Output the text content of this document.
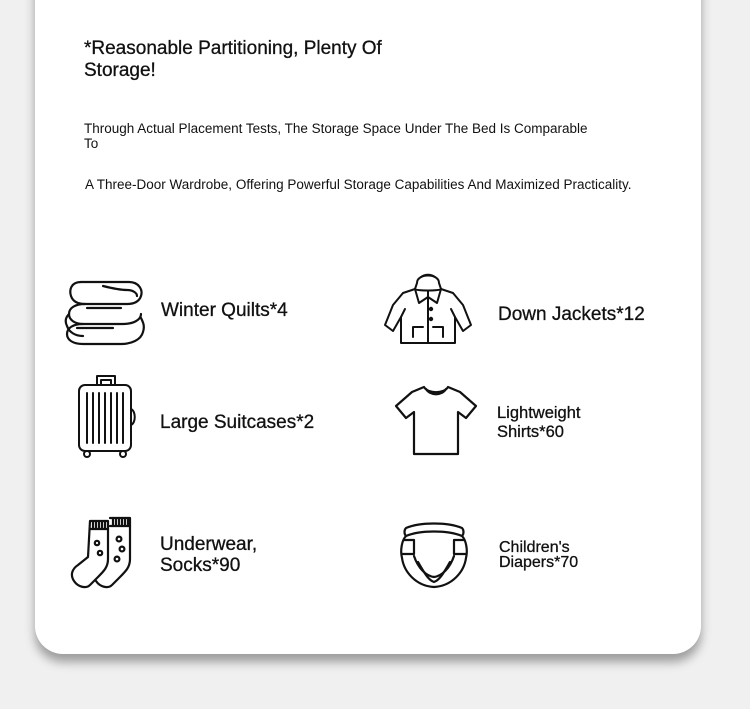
*Reasonable Partitioning, Plenty Of Storage!

Through Actual Placement Tests, The Storage Space Under The Bed Is Comparable To

A Three-Door Wardrobe, Offering Powerful Storage Capabilities And Maximized Practicality.

Winter Quilts*4	Down Jackets*12

Large Suitcases*2	Lightweight Shirts*60

Underwear, Socks*90

Children's Diapers*70
